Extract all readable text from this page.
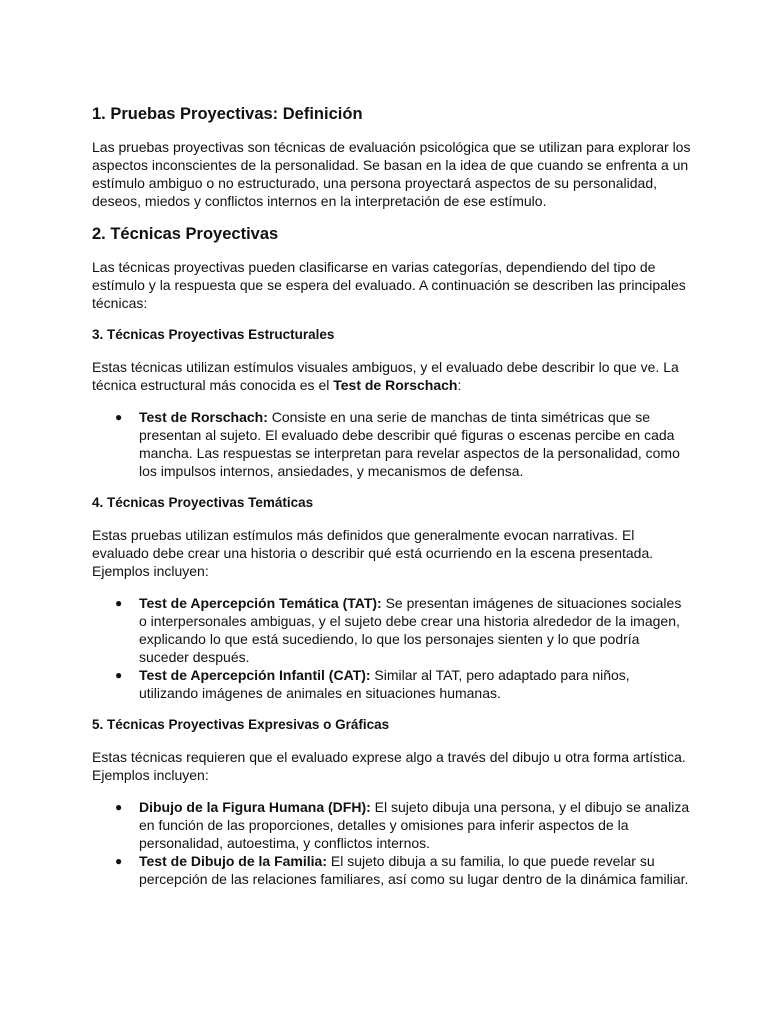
1. Pruebas Proyectivas: Definición

Las pruebas proyectivas son técnicas de evaluación psicológica que se utilizan para explorar los aspectos inconscientes de la personalidad. Se basan en la idea de que cuando se enfrenta a un estímulo ambiguo o no estructurado, una persona proyectará aspectos de su personalidad, deseos, miedos y conflictos internos en la interpretación de ese estímulo.

2. Técnicas Proyectivas

Las técnicas proyectivas pueden clasificarse en varias categorías, dependiendo del tipo de estímulo y la respuesta que se espera del evaluado. A continuación se describen las principales técnicas:

3. Técnicas Proyectivas Estructurales

Estas técnicas utilizan estímulos visuales ambiguos, y el evaluado debe describir lo que ve. La técnica estructural más conocida es el Test de Rorschach:

● Test de Rorschach: Consiste en una serie de manchas de tinta simétricas que se presentan al sujeto. El evaluado debe describir qué figuras o escenas percibe en cada mancha. Las respuestas se interpretan para revelar aspectos de la personalidad, como los impulsos internos, ansiedades, y mecanismos de defensa.
4. Técnicas Proyectivas Temáticas

Estas pruebas utilizan estímulos más definidos que generalmente evocan narrativas. El evaluado debe crear una historia o describir qué está ocurriendo en la escena presentada. Ejemplos incluyen:

● Test de Apercepción Temática (TAT): Se presentan imágenes de situaciones sociales o interpersonales ambiguas, y el sujeto debe crear una historia alrededor de la imagen, explicando lo que está sucediendo, lo que los personajes sienten y lo que podría suceder después.
● Test de Apercepción Infantil (CAT): Similar al TAT, pero adaptado para niños, utilizando imágenes de animales en situaciones humanas.
5. Técnicas Proyectivas Expresivas o Gráficas

Estas técnicas requieren que el evaluado exprese algo a través del dibujo u otra forma artística. Ejemplos incluyen:

● Dibujo de la Figura Humana (DFH): El sujeto dibuja una persona, y el dibujo se analiza en función de las proporciones, detalles y omisiones para inferir aspectos de la personalidad, autoestima, y conflictos internos.
● Test de Dibujo de la Familia: El sujeto dibuja a su familia, lo que puede revelar su percepción de las relaciones familiares, así como su lugar dentro de la dinámica familiar.
